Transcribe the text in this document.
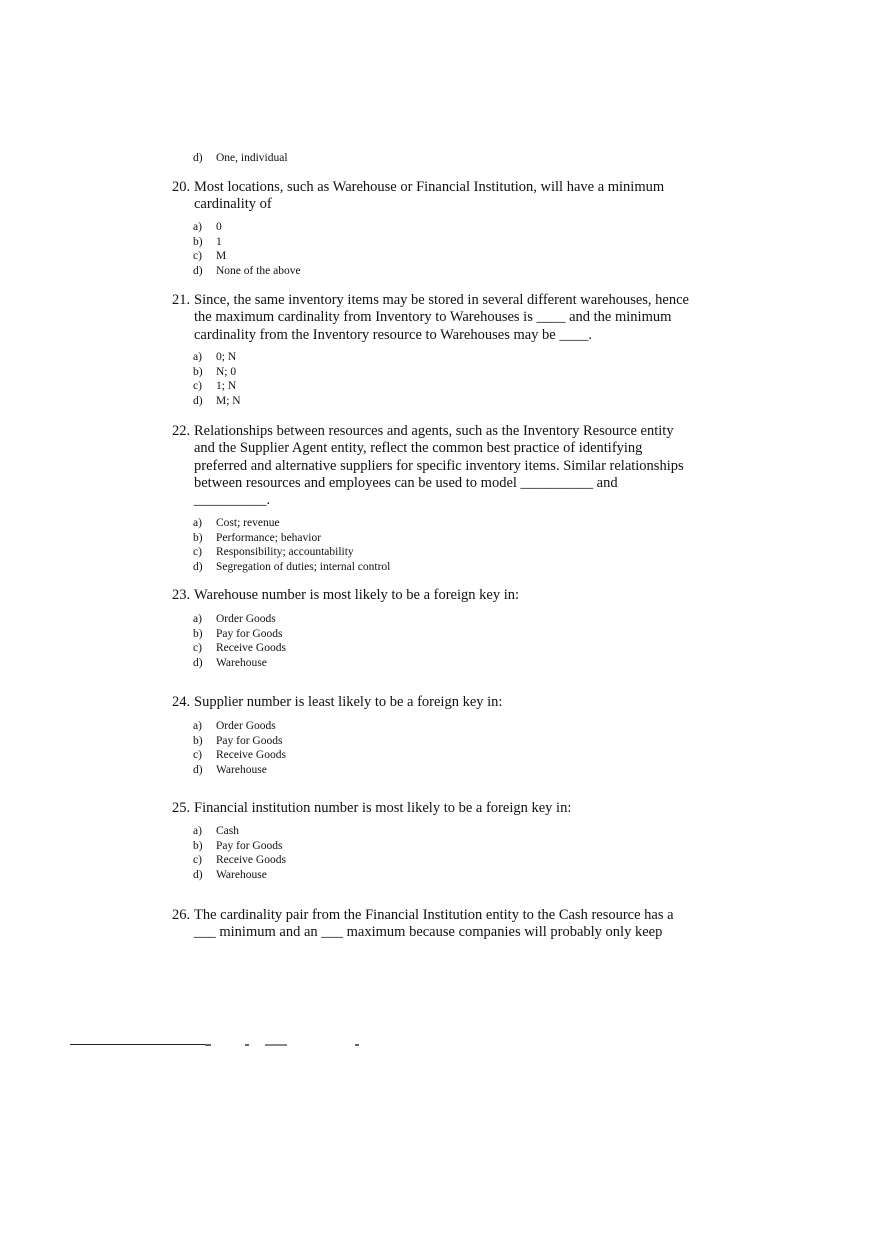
d) One, individual
20. Most locations, such as Warehouse or Financial Institution, will have a minimum
cardinality of
a) 0
b) 1
c) M
d) None of the above
21. Since, the same inventory items may be stored in several different warehouses, hence
the maximum cardinality from Inventory to Warehouses is ____ and the minimum
cardinality from the Inventory resource to Warehouses may be ____.
a) 0; N
b) N; 0
c) 1; N
d) M; N
22. Relationships between resources and agents, such as the Inventory Resource entity
and the Supplier Agent entity, reflect the common best practice of identifying
preferred and alternative suppliers for specific inventory items. Similar relationships
between resources and employees can be used to model __________ and
__________.
a) Cost; revenue
b) Performance; behavior
c) Responsibility; accountability
d) Segregation of duties; internal control
23. Warehouse number is most likely to be a foreign key in:
a) Order Goods
b) Pay for Goods
c) Receive Goods
d) Warehouse
24. Supplier number is least likely to be a foreign key in:
a) Order Goods
b) Pay for Goods
c) Receive Goods
d) Warehouse
25. Financial institution number is most likely to be a foreign key in:
a) Cash
b) Pay for Goods
c) Receive Goods
d) Warehouse
26. The cardinality pair from the Financial Institution entity to the Cash resource has a
___ minimum and an ___ maximum because companies will probably only keep
